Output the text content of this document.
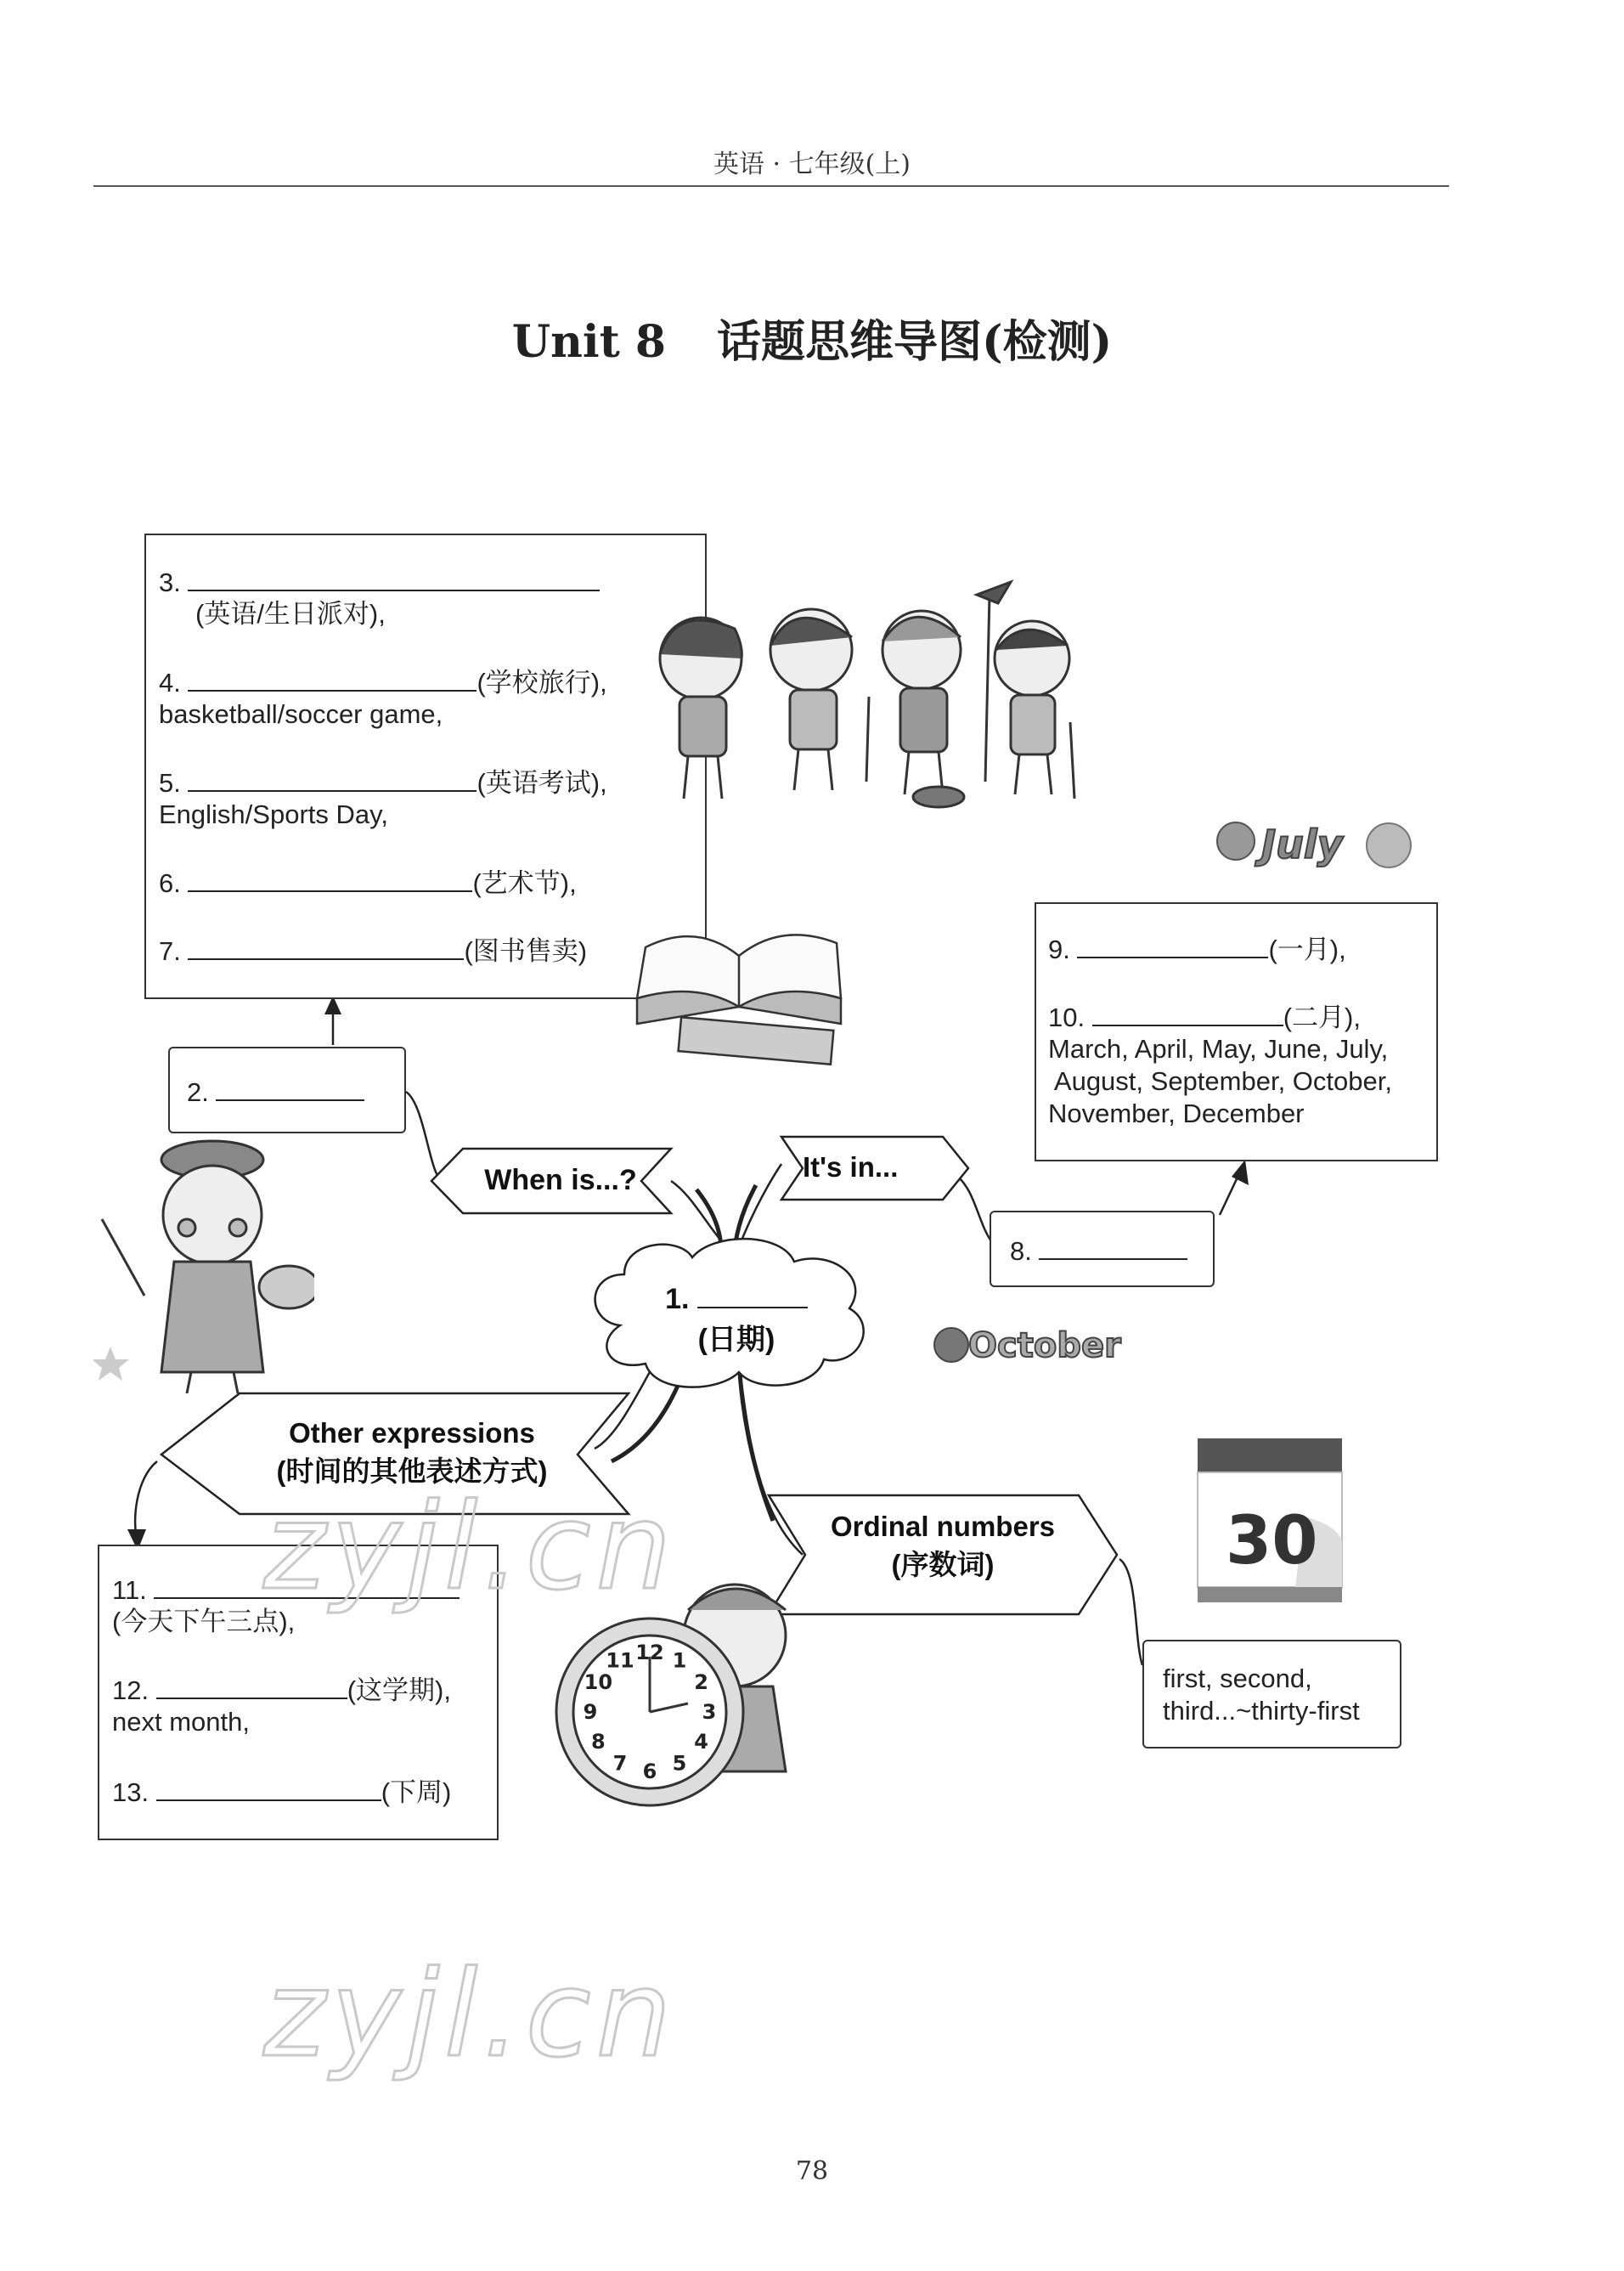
英语 · 七年级(上)
Unit 8 话题思维导图(检测)
1.
(日期)
When is...?	It's in...
Other expressions
(时间的其他表述方式)
Ordinal numbers
(序数词)
2.
8.
3.
(英语/生日派对),
4.	(学校旅行),
basketball/soccer game,
5.	(英语考试),
English/Sports Day,
6.	(艺术节),
7.	(图书售卖)	9.	(一月),
10.	(二月),
March, April, May, June, July,
August, September, October,
November, December
11.
(今天下午三点),
12.	(这学期),
next month,
13.	(下周)
first, second,
third...~thirty-first
July
October
30
12 1
2
3
4
5
6
7
8
9
10
11
zyjl.cn
zyjl.cn
78
